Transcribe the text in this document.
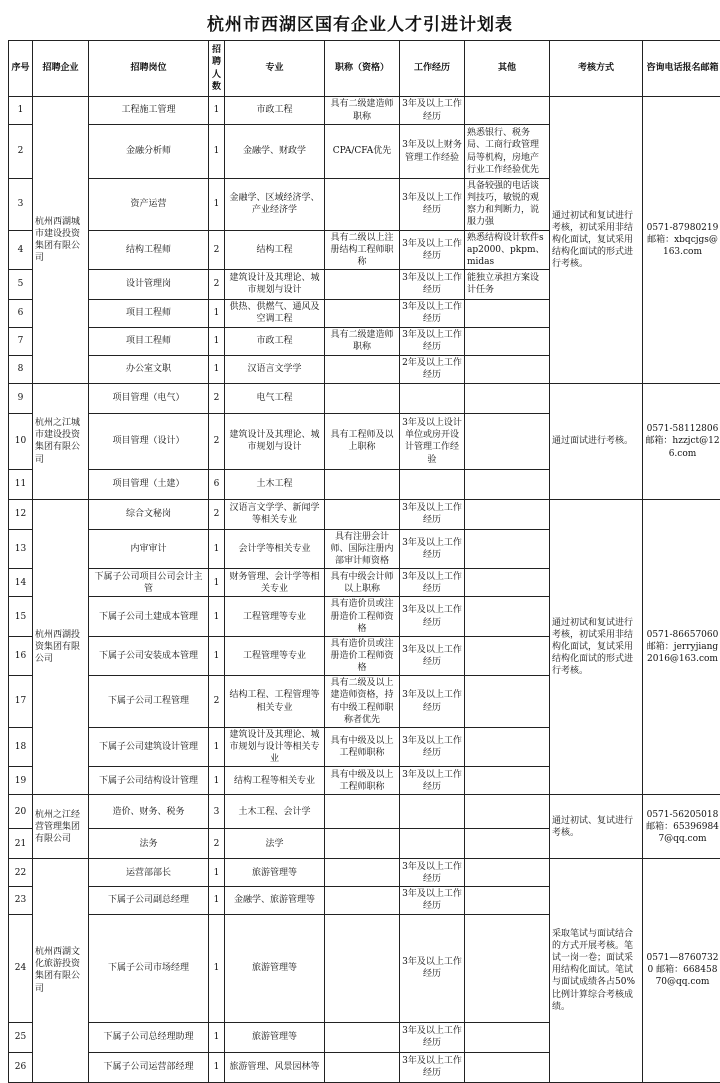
杭州市西湖区国有企业人才引进计划表
序号	招聘企业	招聘岗位	招聘人数	专业	职称（资格）	工作经历	其他	考核方式	咨询电话报名邮箱
1	杭州西湖城市建设投资集团有限公司	工程施工管理	1	市政工程	具有二级建造师职称	3年及以上工作经历		通过初试和复试进行考核，初试采用非结构化面试，复试采用结构化面试的形式进行考核。	0571-87980219 邮箱：xbqcjgs@163.com
2		金融分析师	1	金融学、财政学	CPA/CFA优先	3年及以上财务管理工作经验	熟悉银行、税务局、工商行政管理局等机构，房地产行业工作经验优先		
3		资产运营	1	金融学、区域经济学、产业经济学		3年及以上工作经历	具备较强的电话谈判技巧，敏锐的观察力和判断力，说服力强		
4		结构工程师	2	结构工程	具有二级以上注册结构工程师职称	3年及以上工作经历	熟悉结构设计软件sap2000、pkpm、midas		
5		设计管理岗	2	建筑设计及其理论、城市规划与设计		3年及以上工作经历	能独立承担方案设计任务		
6		项目工程师	1	供热、供燃气、通风及空调工程		3年及以上工作经历			
7		项目工程师	1	市政工程	具有二级建造师职称	3年及以上工作经历			
8		办公室文职	1	汉语言文学学		2年及以上工作经历			
9	杭州之江城市建设投资集团有限公司	项目管理（电气）	2	电气工程				通过面试进行考核。	0571-58112806 邮箱：hzzjct@126.com
10		项目管理（设计）	2	建筑设计及其理论、城市规划与设计	具有工程师及以上职称	3年及以上设计单位或房开设计管理工作经验			
11		项目管理（土建）	6	土木工程					
12	杭州西湖投资集团有限公司	综合文秘岗	2	汉语言文学学、新闻学等相关专业		3年及以上工作经历		通过初试和复试进行考核，初试采用非结构化面试，复试采用结构化面试的形式进行考核。	0571-86657060 邮箱：jerryjiang2016@163.com
13		内审审计	1	会计学等相关专业	具有注册会计师、国际注册内部审计师资格	3年及以上工作经历			
14		下属子公司项目公司会计主管	1	财务管理、会计学等相关专业	具有中级会计师以上职称	3年及以上工作经历			
15		下属子公司土建成本管理	1	工程管理等专业	具有造价员或注册造价工程师资格	3年及以上工作经历			
16		下属子公司安装成本管理	1	工程管理等专业	具有造价员或注册造价工程师资格	3年及以上工作经历			
17		下属子公司工程管理	2	结构工程、工程管理等相关专业	具有二级及以上建造师资格，持有中级工程师职称者优先	3年及以上工作经历			
18		下属子公司建筑设计管理	1	建筑设计及其理论、城市规划与设计等相关专业	具有中级及以上工程师职称	3年及以上工作经历			
19		下属子公司结构设计管理	1	结构工程等相关专业	具有中级及以上工程师职称	3年及以上工作经历			
20	杭州之江经营管理集团有限公司	造价、财务、税务	3	土木工程、会计学				通过初试、复试进行考核。	0571-56205018 邮箱：653969847@qq.com
21		法务	2	法学					
22	杭州西湖文化旅游投资集团有限公司	运营部部长	1	旅游管理等		3年及以上工作经历		采取笔试与面试结合的方式开展考核。笔试一岗一卷；面试采用结构化面试。笔试与面试成绩各占50%比例计算综合考核成绩。	0571—87607320 邮箱：66845870@qq.com
23		下属子公司副总经理	1	金融学、旅游管理等		3年及以上工作经历			
24		下属子公司市场经理	1	旅游管理等		3年及以上工作经历			
25		下属子公司总经理助理	1	旅游管理等		3年及以上工作经历			
26		下属子公司运营部经理	1	旅游管理、风景园林等		3年及以上工作经历			
